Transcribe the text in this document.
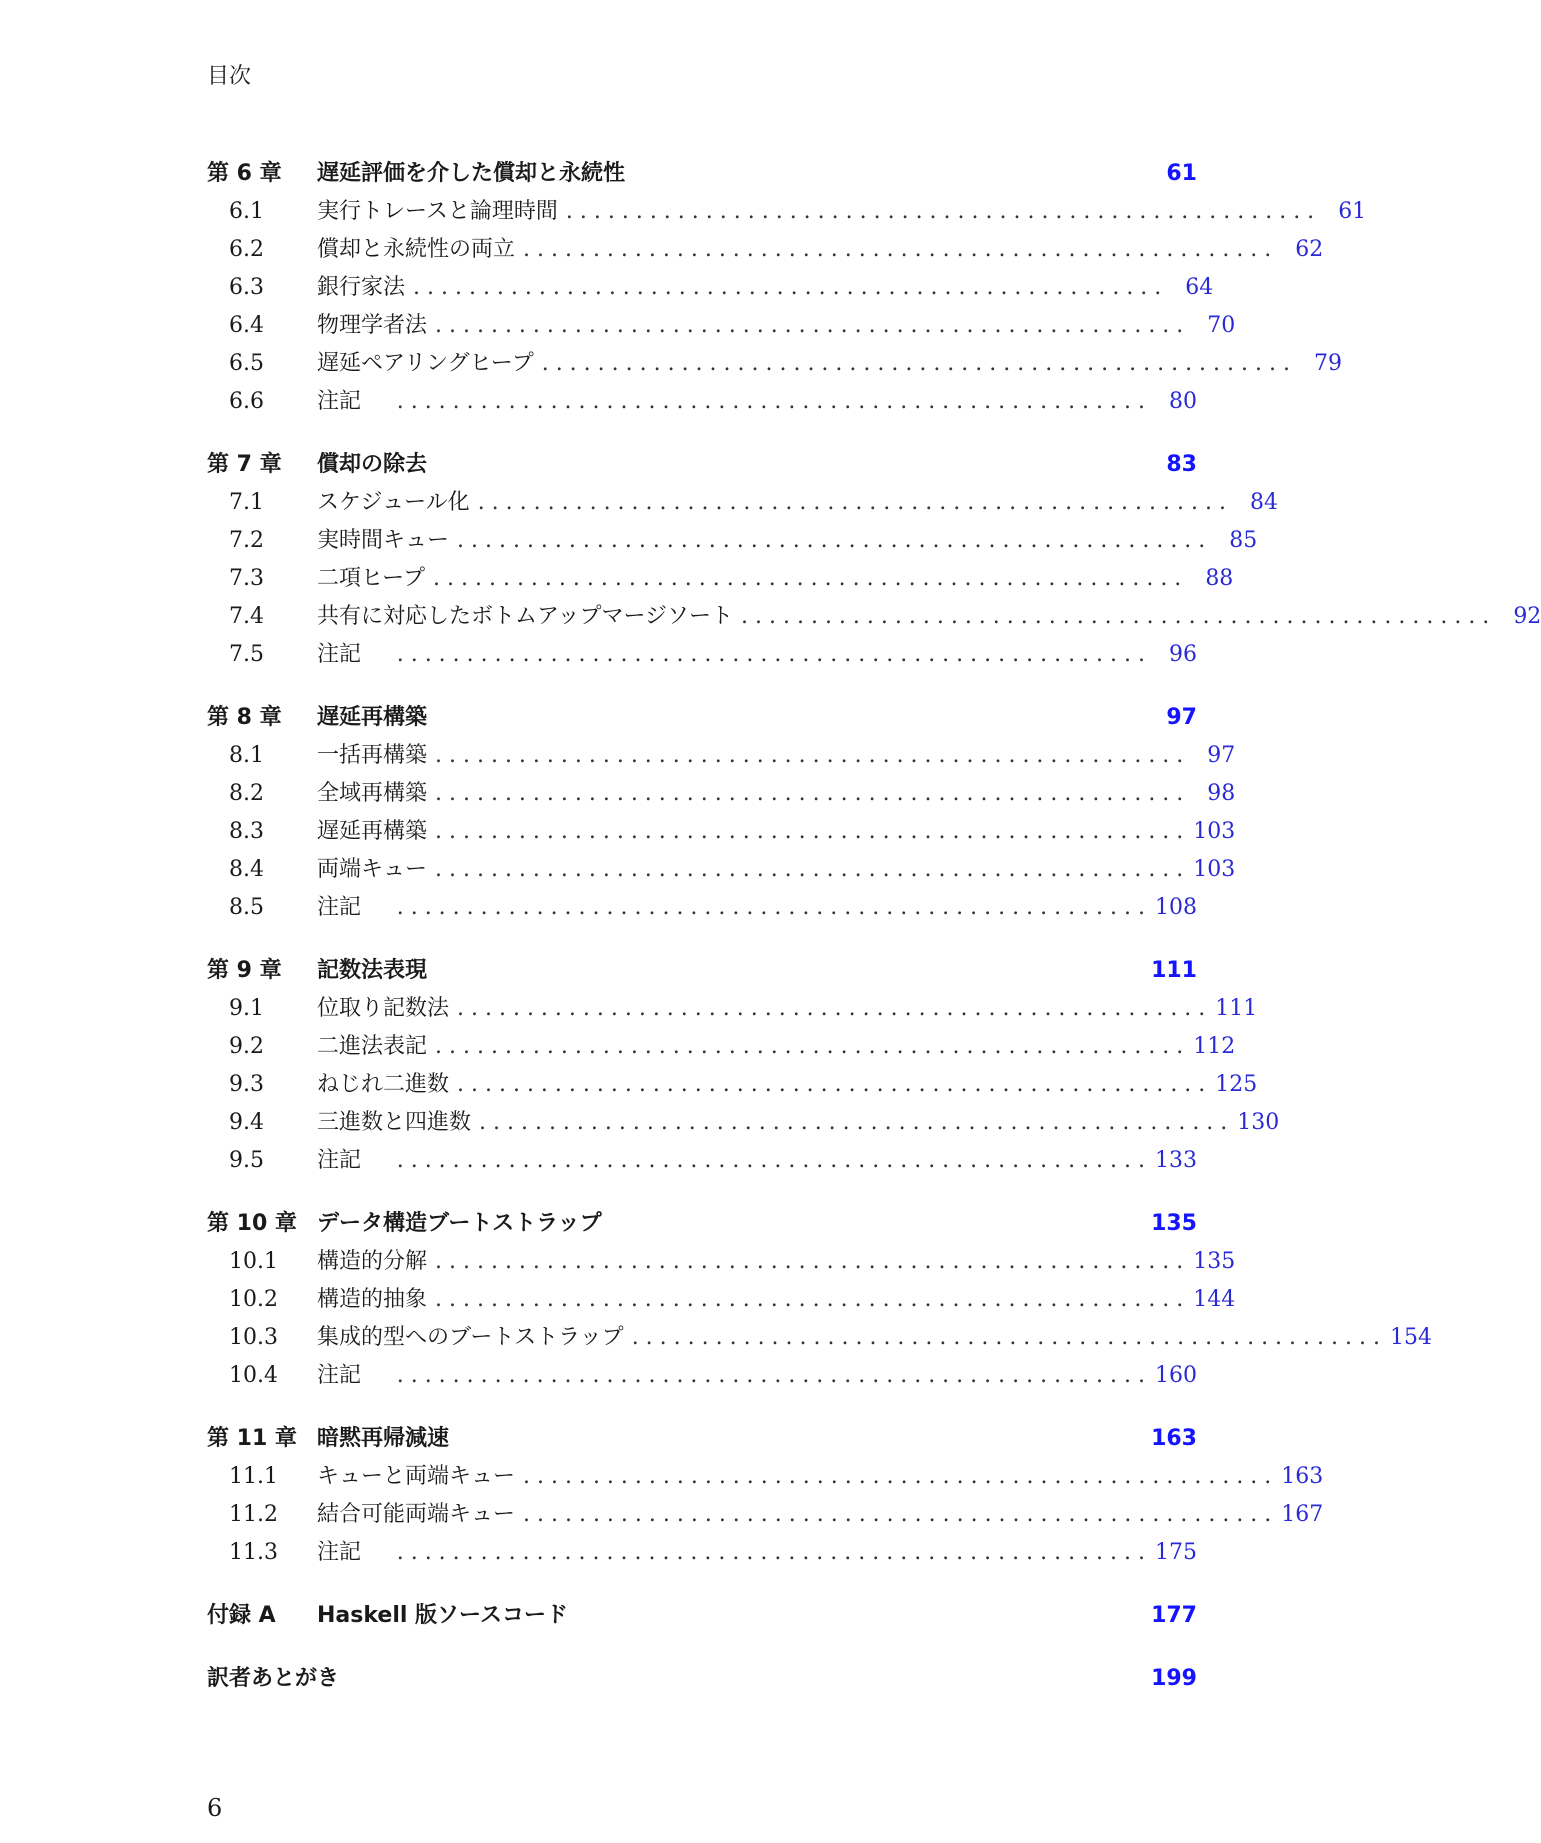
目次
第 6 章	遅延評価を介した償却と永続性	61
6.1	実行トレースと論理時間 . . . . . . . . . . . . . . . . . . . . . . . . . . . . . . . . . . . . . . . . . . . . . . . . . . . . . .	61
6.2	償却と永続性の両立 . . . . . . . . . . . . . . . . . . . . . . . . . . . . . . . . . . . . . . . . . . . . . . . . . . . . . .	62
6.3	銀行家法 . . . . . . . . . . . . . . . . . . . . . . . . . . . . . . . . . . . . . . . . . . . . . . . . . . . . . .	64
6.4	物理学者法 . . . . . . . . . . . . . . . . . . . . . . . . . . . . . . . . . . . . . . . . . . . . . . . . . . . . . .	70
6.5	遅延ペアリングヒープ . . . . . . . . . . . . . . . . . . . . . . . . . . . . . . . . . . . . . . . . . . . . . . . . . . . . . .	79
6.6	注記	. . . . . . . . . . . . . . . . . . . . . . . . . . . . . . . . . . . . . . . . . . . . . . . . . . . . . .	80
第 7 章	償却の除去	83
7.1	スケジュール化 . . . . . . . . . . . . . . . . . . . . . . . . . . . . . . . . . . . . . . . . . . . . . . . . . . . . . .	84
7.2	実時間キュー . . . . . . . . . . . . . . . . . . . . . . . . . . . . . . . . . . . . . . . . . . . . . . . . . . . . . .	85
7.3	二項ヒープ . . . . . . . . . . . . . . . . . . . . . . . . . . . . . . . . . . . . . . . . . . . . . . . . . . . . . .	88
7.4	共有に対応したボトムアップマージソート . . . . . . . . . . . . . . . . . . . . . . . . . . . . . . . . . . . . . . . . . . . . . . . . . . . . . .	92
7.5	注記	. . . . . . . . . . . . . . . . . . . . . . . . . . . . . . . . . . . . . . . . . . . . . . . . . . . . . .	96
第 8 章	遅延再構築	97
8.1	一括再構築 . . . . . . . . . . . . . . . . . . . . . . . . . . . . . . . . . . . . . . . . . . . . . . . . . . . . . .	97
8.2	全域再構築 . . . . . . . . . . . . . . . . . . . . . . . . . . . . . . . . . . . . . . . . . . . . . . . . . . . . . .	98
8.3	遅延再構築 . . . . . . . . . . . . . . . . . . . . . . . . . . . . . . . . . . . . . . . . . . . . . . . . . . . . . . 103
8.4	両端キュー . . . . . . . . . . . . . . . . . . . . . . . . . . . . . . . . . . . . . . . . . . . . . . . . . . . . . . 103
8.5	注記	. . . . . . . . . . . . . . . . . . . . . . . . . . . . . . . . . . . . . . . . . . . . . . . . . . . . . . 108
第 9 章	記数法表現	111
9.1	位取り記数法 . . . . . . . . . . . . . . . . . . . . . . . . . . . . . . . . . . . . . . . . . . . . . . . . . . . . . . 111
9.2	二進法表記 . . . . . . . . . . . . . . . . . . . . . . . . . . . . . . . . . . . . . . . . . . . . . . . . . . . . . . 112
9.3	ねじれ二進数 . . . . . . . . . . . . . . . . . . . . . . . . . . . . . . . . . . . . . . . . . . . . . . . . . . . . . . 125
9.4	三進数と四進数 . . . . . . . . . . . . . . . . . . . . . . . . . . . . . . . . . . . . . . . . . . . . . . . . . . . . . . 130
9.5	注記	. . . . . . . . . . . . . . . . . . . . . . . . . . . . . . . . . . . . . . . . . . . . . . . . . . . . . . 133
第 10 章 データ構造ブートストラップ	135
10.1	構造的分解 . . . . . . . . . . . . . . . . . . . . . . . . . . . . . . . . . . . . . . . . . . . . . . . . . . . . . . 135
10.2	構造的抽象 . . . . . . . . . . . . . . . . . . . . . . . . . . . . . . . . . . . . . . . . . . . . . . . . . . . . . . 144
10.3	集成的型へのブートストラップ . . . . . . . . . . . . . . . . . . . . . . . . . . . . . . . . . . . . . . . . . . . . . . . . . . . . . . 154
10.4	注記	. . . . . . . . . . . . . . . . . . . . . . . . . . . . . . . . . . . . . . . . . . . . . . . . . . . . . . 160
第 11 章 暗黙再帰減速	163
11.1	キューと両端キュー . . . . . . . . . . . . . . . . . . . . . . . . . . . . . . . . . . . . . . . . . . . . . . . . . . . . . . 163
11.2	結合可能両端キュー . . . . . . . . . . . . . . . . . . . . . . . . . . . . . . . . . . . . . . . . . . . . . . . . . . . . . . 167
11.3	注記	. . . . . . . . . . . . . . . . . . . . . . . . . . . . . . . . . . . . . . . . . . . . . . . . . . . . . . 175
付録 A	Haskell 版ソースコード	177
訳者あとがき	199
6
